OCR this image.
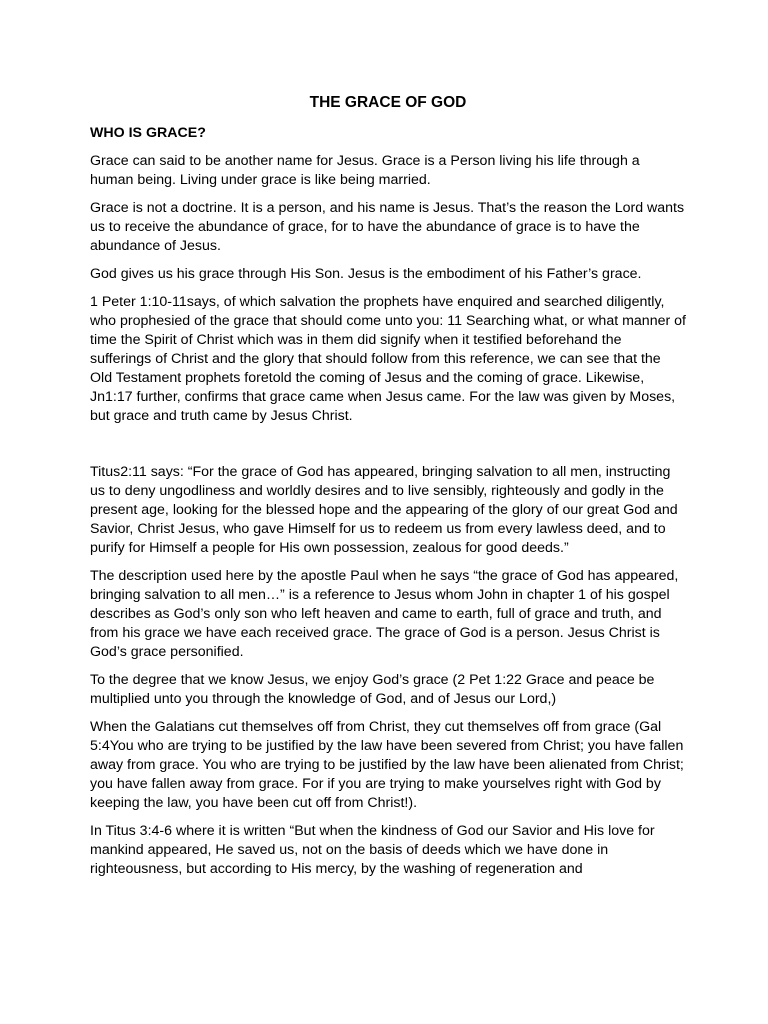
THE GRACE OF GOD
WHO IS GRACE?

Grace can said to be another name for Jesus. Grace is a Person living his life through a human being. Living under grace is like being married.

Grace is not a doctrine. It is a person, and his name is Jesus. That’s the reason the Lord wants us to receive the abundance of grace, for to have the abundance of grace is to have the abundance of Jesus.

God gives us his grace through His Son. Jesus is the embodiment of his Father’s grace.

1 Peter 1:10-11says, of which salvation the prophets have enquired and searched diligently, who prophesied of the grace that should come unto you: 11 Searching what, or what manner of time the Spirit of Christ which was in them did signify when it testified beforehand the sufferings of Christ and the glory that should follow from this reference, we can see that the Old Testament prophets foretold the coming of Jesus and the coming of grace. Likewise, Jn1:17 further, confirms that grace came when Jesus came. For the law was given by Moses, but grace and truth came by Jesus Christ.

Titus2:11 says: “For the grace of God has appeared, bringing salvation to all men, instructing us to deny ungodliness and worldly desires and to live sensibly, righteously and godly in the present age, looking for the blessed hope and the appearing of the glory of our great God and Savior, Christ Jesus, who gave Himself for us to redeem us from every lawless deed, and to purify for Himself a people for His own possession, zealous for good deeds.”

The description used here by the apostle Paul when he says “the grace of God has appeared, bringing salvation to all men…” is a reference to Jesus whom John in chapter 1 of his gospel describes as God’s only son who left heaven and came to earth, full of grace and truth, and from his grace we have each received grace. The grace of God is a person. Jesus Christ is God’s grace personified.

To the degree that we know Jesus, we enjoy God’s grace (2 Pet 1:22 Grace and peace be multiplied unto you through the knowledge of God, and of Jesus our Lord,)

When the Galatians cut themselves off from Christ, they cut themselves off from grace (Gal 5:4You who are trying to be justified by the law have been severed from Christ; you have fallen away from grace. You who are trying to be justified by the law have been alienated from Christ; you have fallen away from grace. For if you are trying to make yourselves right with God by keeping the law, you have been cut off from Christ!).

In Titus 3:4-6 where it is written “But when the kindness of God our Savior and His love for mankind appeared, He saved us, not on the basis of deeds which we have done in righteousness, but according to His mercy, by the washing of regeneration and
